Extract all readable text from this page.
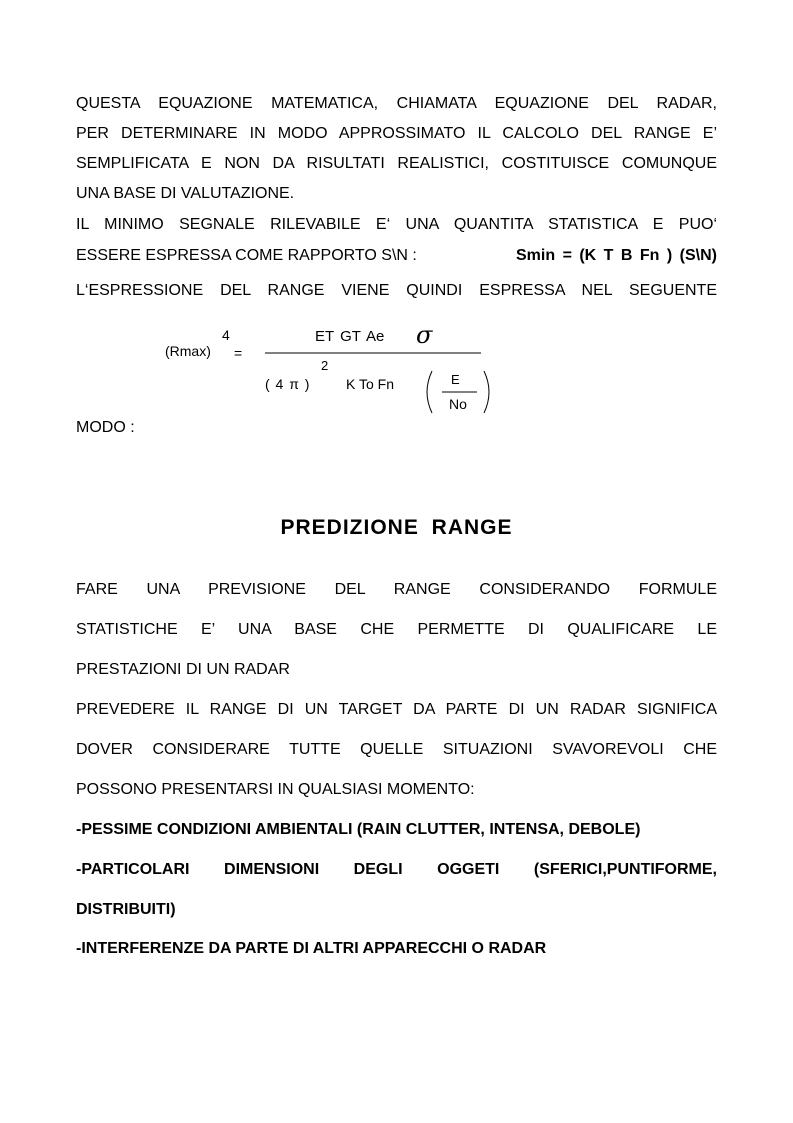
QUESTA EQUAZIONE MATEMATICA, CHIAMATA EQUAZIONE DEL RADAR,
PER DETERMINARE IN MODO APPROSSIMATO IL CALCOLO DEL RANGE E’
SEMPLIFICATA E NON DA RISULTATI REALISTICI, COSTITUISCE COMUNQUE
UNA BASE DI VALUTAZIONE.
IL MINIMO SEGNALE RILEVABILE E‘ UNA QUANTITA STATISTICA E PUO‘
ESSERE ESPRESSA COME RAPPORTO S\N :	Smin = (K T B Fn ) (S\N)
L‘ESPRESSIONE DEL RANGE VIENE QUINDI ESPRESSA NEL SEGUENTE
(Rmax)
4
=
ET GT Ae σ
( 4 π )
2
K To Fn	E
No
MODO :
PREDIZIONE RANGE
FARE UNA PREVISIONE DEL RANGE CONSIDERANDO FORMULE
STATISTICHE E’ UNA BASE CHE PERMETTE DI QUALIFICARE LE
PRESTAZIONI DI UN RADAR
PREVEDERE IL RANGE DI UN TARGET DA PARTE DI UN RADAR SIGNIFICA
DOVER CONSIDERARE TUTTE QUELLE SITUAZIONI SVAVOREVOLI CHE
POSSONO PRESENTARSI IN QUALSIASI MOMENTO:
-PESSIME CONDIZIONI AMBIENTALI (RAIN CLUTTER, INTENSA, DEBOLE)
-PARTICOLARI DIMENSIONI DEGLI OGGETI (SFERICI,PUNTIFORME,
DISTRIBUITI)
-INTERFERENZE DA PARTE DI ALTRI APPARECCHI O RADAR
